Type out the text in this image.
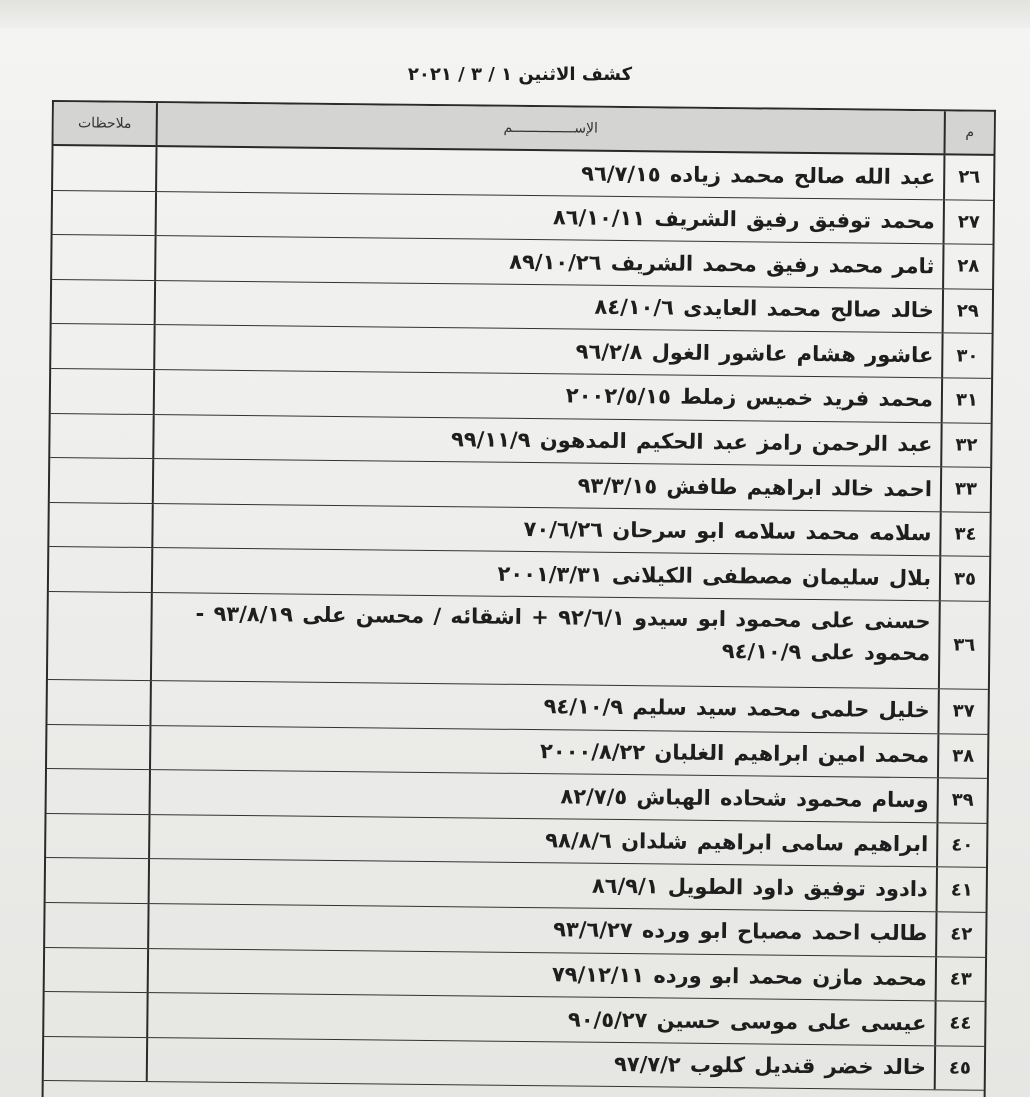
كشف الاثنين ١ / ٣ / ٢٠٢١
م
الإســـــــــــــــم
ملاحظات
٢٦
عبد الله صالح محمد زياده ٩٦/٧/١٥
٢٧
محمد توفيق رفيق الشريف ٨٦/١٠/١١
٢٨
ثامر محمد رفيق محمد الشريف ٨٩/١٠/٢٦
٢٩
خالد صالح محمد العايدى ٨٤/١٠/٦
٣٠
عاشور هشام عاشور الغول ٩٦/٢/٨
٣١
محمد فريد خميس زملط ٢٠٠٢/٥/١٥
٣٢
عبد الرحمن رامز عبد الحكيم المدهون ٩٩/١١/٩
٣٣
احمد خالد ابراهيم طافش ٩٣/٣/١٥
٣٤
سلامه محمد سلامه ابو سرحان ٧٠/٦/٢٦
٣٥
بلال سليمان مصطفى الكيلانى ٢٠٠١/٣/٣١
٣٦
حسنى على محمود ابو سيدو ٩٢/٦/١ + اشقائه / محسن على ٩٣/٨/١٩ - محمود على ٩٤/١٠/٩
٣٧
خليل حلمى محمد سيد سليم ٩٤/١٠/٩
٣٨
محمد امين ابراهيم الغلبان ٢٠٠٠/٨/٢٢
٣٩
وسام محمود شحاده الهباش ٨٢/٧/٥
٤٠
ابراهيم سامى ابراهيم شلدان ٩٨/٨/٦
٤١
دادود توفيق داود الطويل ٨٦/٩/١
٤٢
طالب احمد مصباح ابو ورده ٩٣/٦/٢٧
٤٣
محمد مازن محمد ابو ورده ٧٩/١٢/١١
٤٤
عيسى على موسى حسين ٩٠/٥/٢٧
٤٥
خالد خضر قنديل كلوب ٩٧/٧/٢
